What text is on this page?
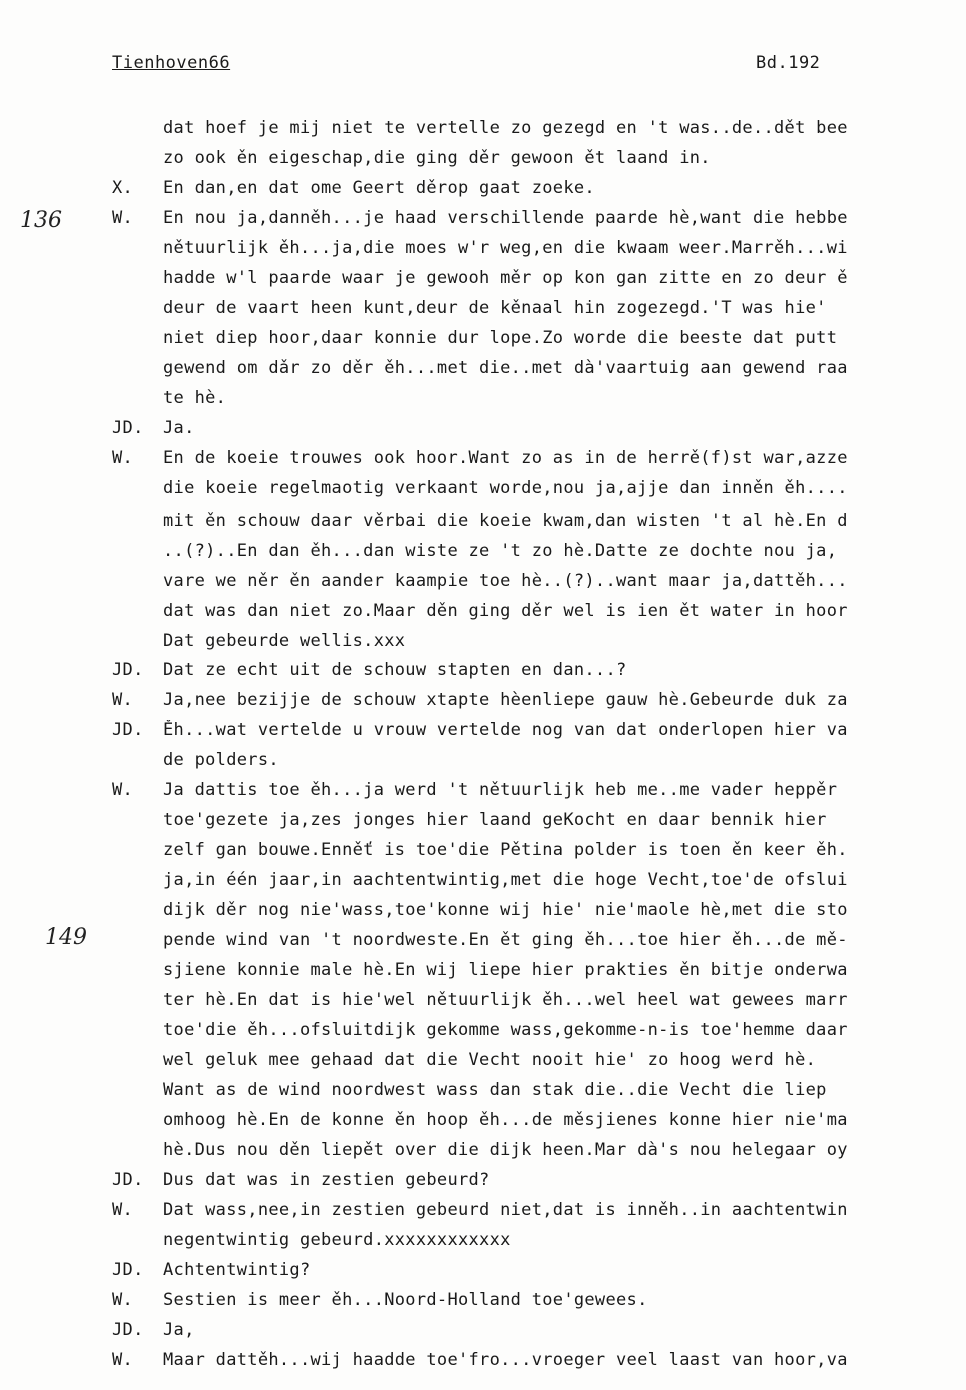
Tienhoven66	Bd.192
136
149
dat hoef je mij niet te vertelle zo gezegd en 't was..de..dět bee
zo ook ěn eigeschap,die ging děr gewoon ět laand in.
X.	En dan,en dat ome Geert děrop gaat zoeke.
W.	En nou ja,danněh...je haad verschillende paarde hè,want die hebbe
nětuurlijk ěh...ja,die moes w'r weg,en die kwaam weer.Marrěh...wi
hadde w'l paarde waar je gewooh měr op kon gan zitte en zo deur ě
deur de vaart heen kunt,deur de kěnaal hin zogezegd.'T was hie'
niet diep hoor,daar konnie dur lope.Zo worde die beeste dat putt
gewend om dǎr zo děr ěh...met die..met dà'vaartuig aan gewend raa
te hè.
JD.	Ja.
W.	En de koeie trouwes ook hoor.Want zo as in de herrě(f)st war,azze
die koeie regelmaotig verkaant worde,nou ja,ajje dan inněn ěh....
mit ěn schouw daar věrbai die koeie kwam,dan wisten 't al hè.En d
..(?)..En dan ěh...dan wiste ze 't zo hè.Datte ze dochte nou ja,
vare we něr ěn aander kaampie toe hè..(?)..want maar ja,dattěh...
dat was dan niet zo.Maar děn ging děr wel is ien ět water in hoor
Dat gebeurde wellis.xxx
JD.	Dat ze echt uit de schouw stapten en dan...?
W.	Ja,nee bezijje de schouw xtapte hèenliepe gauw hè.Gebeurde duk za
JD.	Ěh...wat vertelde u vrouw vertelde nog van dat onderlopen hier va
de polders.
W.	Ja dattis toe ěh...ja werd 't nětuurlijk heb me..me vader heppěr
toe'gezete ja,zes jonges hier laand geKocht en daar bennik hier
zelf gan bouwe.Enněť is toe'die Pětina polder is toen ěn keer ěh.
ja,in één jaar,in aachtentwintig,met die hoge Vecht,toe'de ofslui
dijk děr nog nie'wass,toe'konne wij hie' nie'maole hè,met die sto
pende wind van 't noordweste.En ět ging ěh...toe hier ěh...de mě-
sjiene konnie male hè.En wij liepe hier prakties ěn bitje onderwa
ter hè.En dat is hie'wel nětuurlijk ěh...wel heel wat gewees marr
toe'die ěh...ofsluitdijk gekomme wass,gekomme-n-is toe'hemme daar
wel geluk mee gehaad dat die Vecht nooit hie' zo hoog werd hè.
Want as de wind noordwest wass dan stak die..die Vecht die liep
omhoog hè.En de konne ěn hoop ěh...de měsjienes konne hier nie'ma
hè.Dus nou děn liepět over die dijk heen.Mar dà's nou helegaar oy
JD.	Dus dat was in zestien gebeurd?
W.	Dat wass,nee,in zestien gebeurd niet,dat is inněh..in aachtentwin
negentwintig gebeurd.xxxxxxxxxxxx
JD.	Achtentwintig?
W.	Sestien is meer ěh...Noord-Holland toe'gewees.
JD.	Ja,
W.	Maar dattěh...wij haadde toe'fro...vroeger veel laast van hoor,va
